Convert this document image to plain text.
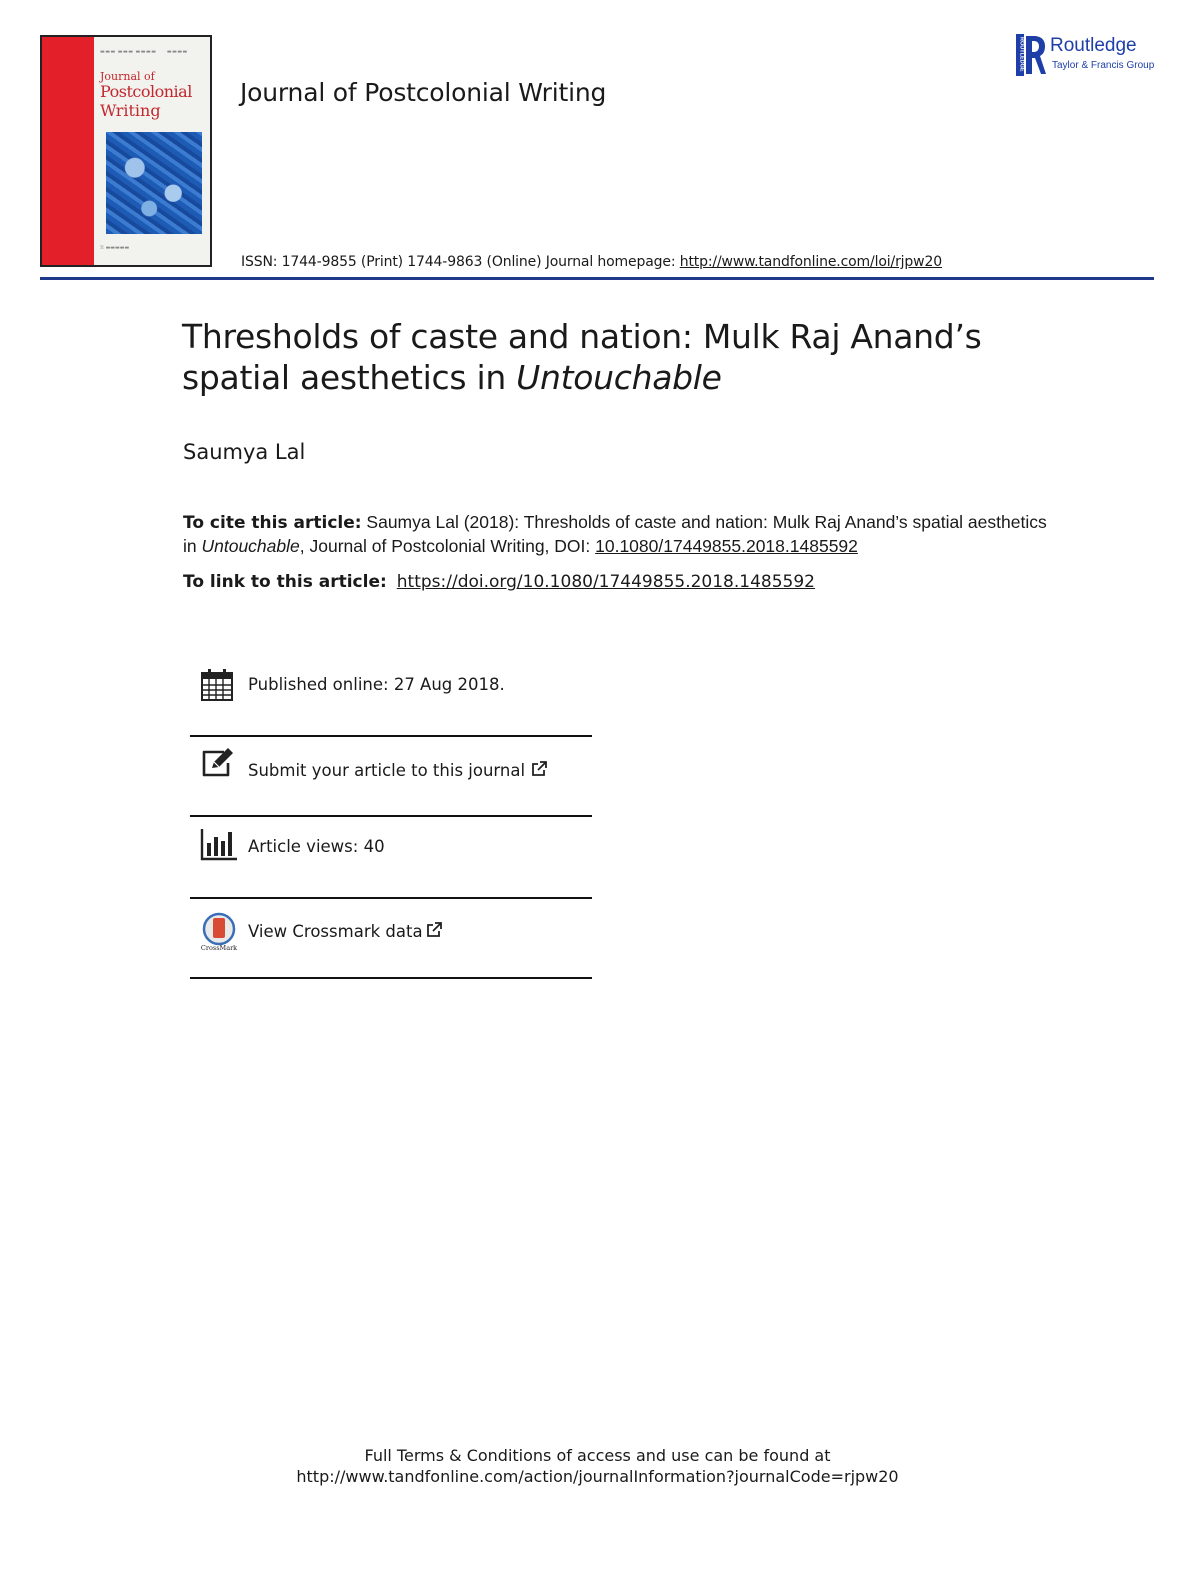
▬▬▬ ▬▬▬ ▬▬▬▬     ▬▬▬▬
Journal of
Postcolonial
Writing
ℛ ▬▬▬▬▬
Journal of Postcolonial Writing
ROUTLEDGE Routledge
Taylor & Francis Group
ISSN: 1744-9855 (Print) 1744-9863 (Online) Journal homepage: http://www.tandfonline.com/loi/rjpw20
Thresholds of caste and nation: Mulk Raj Anand’s
spatial aesthetics in Untouchable
Saumya Lal
To cite this article: Saumya Lal (2018): Thresholds of caste and nation: Mulk Raj Anand’s spatial aesthetics in Untouchable, Journal of Postcolonial Writing, DOI: 10.1080/17449855.2018.1485592
To link to this article: https://doi.org/10.1080/17449855.2018.1485592
Published online: 27 Aug 2018.
Submit your article to this journal
Article views: 40
CrossMark
View Crossmark data
Full Terms & Conditions of access and use can be found at
http://www.tandfonline.com/action/journalInformation?journalCode=rjpw20
